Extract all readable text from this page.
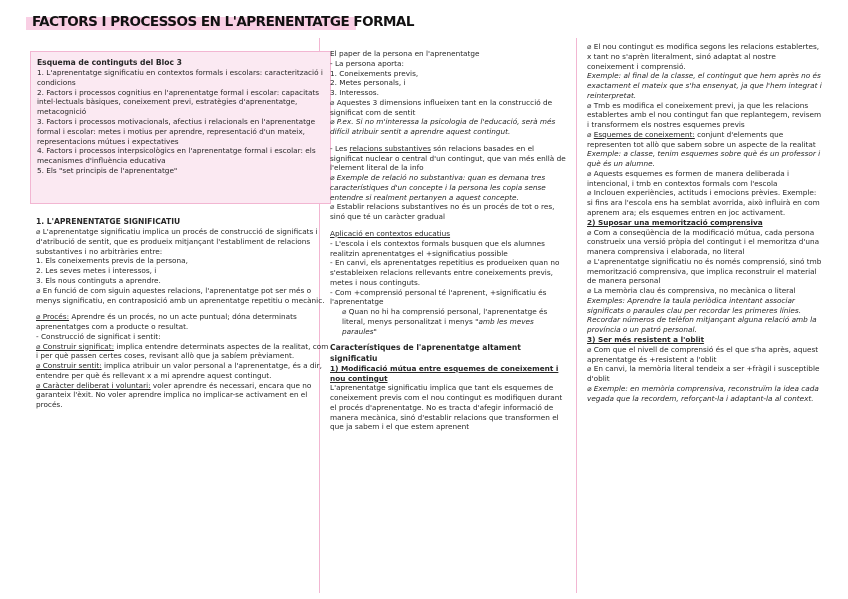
FACTORS I PROCESSOS EN L'APRENENTATGE FORMAL

Esquema de continguts del Bloc 3

1. L'aprenentatge significatiu en contextos formals i escolars: caracterització i condicions

2. Factors i processos cognitius en l'aprenentatge formal i escolar: capacitats intel·lectuals bàsiques, coneixement previ, estratègies d'aprenentatge, metacognició

3. Factors i processos motivacionals, afectius i relacionals en l'aprenentatge formal i escolar: metes i motius per aprendre, representació d'un mateix, representacions mútues i expectatives

4. Factors i processos interpsicològics en l'aprenentatge formal i escolar: els mecanismes d'influència educativa

5. Els "set principis de l'aprenentatge"

1. L'APRENENTATGE SIGNIFICATIU

⌀ L'aprenentatge significatiu implica un procés de construcció de significats i d'atribució de sentit, que es produeix mitjançant l'establiment de relacions substantives i no arbitràries entre:

1. Els coneixements previs de la persona,

2. Les seves metes i interessos, i

3. Els nous continguts a aprendre.

⌀ En funció de com siguin aquestes relacions, l'aprenentatge pot ser més o menys significatiu, en contraposició amb un aprenentatge repetitiu o mecànic.

⌀ Procés: Aprendre és un procés, no un acte puntual; dóna determinats aprenentatges com a producte o resultat.

- Construcció de significat i sentit:

⌀ Construir significat: implica entendre determinats aspectes de la realitat, com i per què passen certes coses, revisant allò que ja sabíem prèviament.

⌀ Construir sentit: implica atribuir un valor personal a l'aprenentatge, és a dir, entendre per què és rellevant x a mi aprendre aquest contingut.

⌀ Caràcter deliberat i voluntari: voler aprendre és necessari, encara que no garanteix l'èxit. No voler aprendre implica no implicar-se activament en el procés.

El paper de la persona en l'aprenentatge

- La persona aporta:

1. Coneixements previs,

2. Metes personals, i

3. Interessos.

⌀ Aquestes 3 dimensions influeixen tant en la construcció de significat com de sentit

⌀ P.ex. Si no m'interessa la psicologia de l'educació, serà més difícil atribuir sentit a aprendre aquest contingut.

- Les relacions substantives són relacions basades en el significat nuclear o central d'un contingut, que van més enllà de l'element literal de la info

⌀ Exemple de relació no substantiva: quan es demana tres característiques d'un concepte i la persona les copia sense entendre si realment pertanyen a aquest concepte.

⌀ Establir relacions substantives no és un procés de tot o res, sinó que té un caràcter gradual

Aplicació en contextos educatius

- L'escola i els contextos formals busquen que els alumnes realitzin aprenentatges el +significatius possible

- En canvi, els aprenentatges repetitius es produeixen quan no s'estableixen relacions rellevants entre coneixements previs, metes i nous continguts.

- Com +comprensió personal té l'aprenent, +significatiu és l'aprenentatge

⌀ Quan no hi ha comprensió personal, l'aprenentatge és literal, menys personalitzat i menys "amb les meves paraules"

Característiques de l'aprenentatge altament significatiu

1) Modificació mútua entre esquemes de coneixement i nou contingut

L'aprenentatge significatiu implica que tant els esquemes de coneixement previs com el nou contingut es modifiquen durant el procés d'aprenentatge. No es tracta d'afegir informació de manera mecànica, sinó d'establir relacions que transformen el que ja sabem i el que estem aprenent

⌀ El nou contingut es modifica segons les relacions establertes, x tant no s'aprèn literalment, sinó adaptat al nostre coneixement i comprensió.

Exemple: al final de la classe, el contingut que hem après no és exactament el mateix que s'ha ensenyat, ja que l'hem integrat i reinterpretat.

⌀ Tmb es modifica el coneixement previ, ja que les relacions establertes amb el nou contingut fan que replantegem, revisem i transformem els nostres esquemes previs

⌀ Esquemes de coneixement: conjunt d'elements que representen tot allò que sabem sobre un aspecte de la realitat

Exemple: a classe, tenim esquemes sobre què és un professor i què és un alumne.

⌀ Aquests esquemes es formen de manera deliberada i intencional, i tmb en contextos formals com l'escola

⌀ Inclouen experiències, actituds i emocions prèvies. Exemple: si fins ara l'escola ens ha semblat avorrida, això influirà en com aprenem ara; els esquemes entren en joc activament.

2) Suposar una memorització comprensiva

⌀ Com a conseqüència de la modificació mútua, cada persona construeix una versió pròpia del contingut i el memoritza d'una manera comprensiva i elaborada, no literal

⌀ L'aprenentatge significatiu no és només comprensió, sinó tmb memorització comprensiva, que implica reconstruir el material de manera personal

⌀ La memòria clau és comprensiva, no mecànica o literal

Exemples: Aprendre la taula periòdica intentant associar significats o paraules clau per recordar les primeres línies. Recordar números de telèfon mitjançant alguna relació amb la província o un patró personal.

3) Ser més resistent a l'oblit

⌀ Com que el nivell de comprensió és el que s'ha après, aquest aprenentatge és +resistent a l'oblit

⌀ En canvi, la memòria literal tendeix a ser +fràgil i susceptible d'oblit

⌀ Exemple: en memòria comprensiva, reconstruïm la idea cada vegada que la recordem, reforçant-la i adaptant-la al context.
